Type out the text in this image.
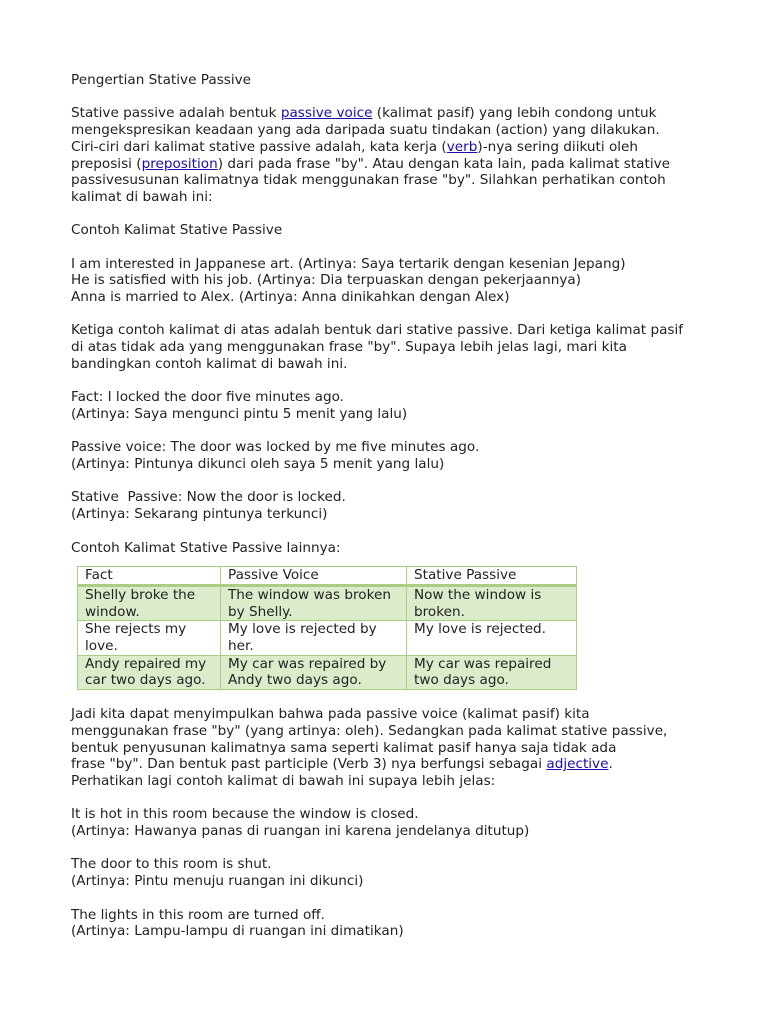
Pengertian Stative Passive

Stative passive adalah bentuk passive voice (kalimat pasif) yang lebih condong untuk
mengekspresikan keadaan yang ada daripada suatu tindakan (action) yang dilakukan.
Ciri-ciri dari kalimat stative passive adalah, kata kerja (verb)-nya sering diikuti oleh
preposisi (preposition) dari pada frase "by". Atau dengan kata lain, pada kalimat stative
passivesusunan kalimatnya tidak menggunakan frase "by". Silahkan perhatikan contoh
kalimat di bawah ini:

Contoh Kalimat Stative Passive

I am interested in Jappanese art. (Artinya: Saya tertarik dengan kesenian Jepang)
He is satisfied with his job. (Artinya: Dia terpuaskan dengan pekerjaannya)
Anna is married to Alex. (Artinya: Anna dinikahkan dengan Alex)

Ketiga contoh kalimat di atas adalah bentuk dari stative passive. Dari ketiga kalimat pasif
di atas tidak ada yang menggunakan frase "by". Supaya lebih jelas lagi, mari kita
bandingkan contoh kalimat di bawah ini.

Fact: I locked the door five minutes ago.
(Artinya: Saya mengunci pintu 5 menit yang lalu)

Passive voice: The door was locked by me five minutes ago.
(Artinya: Pintunya dikunci oleh saya 5 menit yang lalu)

Stative  Passive: Now the door is locked.
(Artinya: Sekarang pintunya terkunci)

Contoh Kalimat Stative Passive lainnya:

Fact	Passive Voice	Stative Passive

Shelly broke the
window.	The window was broken
by Shelly.	Now the window is
broken.

She rejects my
love.	My love is rejected by
her.	My love is rejected.

Andy repaired my
car two days ago.	My car was repaired by
Andy two days ago.	My car was repaired
two days ago.

Jadi kita dapat menyimpulkan bahwa pada passive voice (kalimat pasif) kita
menggunakan frase "by" (yang artinya: oleh). Sedangkan pada kalimat stative passive,
bentuk penyusunan kalimatnya sama seperti kalimat pasif hanya saja tidak ada
frase "by". Dan bentuk past participle (Verb 3) nya berfungsi sebagai adjective.
Perhatikan lagi contoh kalimat di bawah ini supaya lebih jelas:

It is hot in this room because the window is closed.
(Artinya: Hawanya panas di ruangan ini karena jendelanya ditutup)

The door to this room is shut.
(Artinya: Pintu menuju ruangan ini dikunci)

The lights in this room are turned off.
(Artinya: Lampu-lampu di ruangan ini dimatikan)
